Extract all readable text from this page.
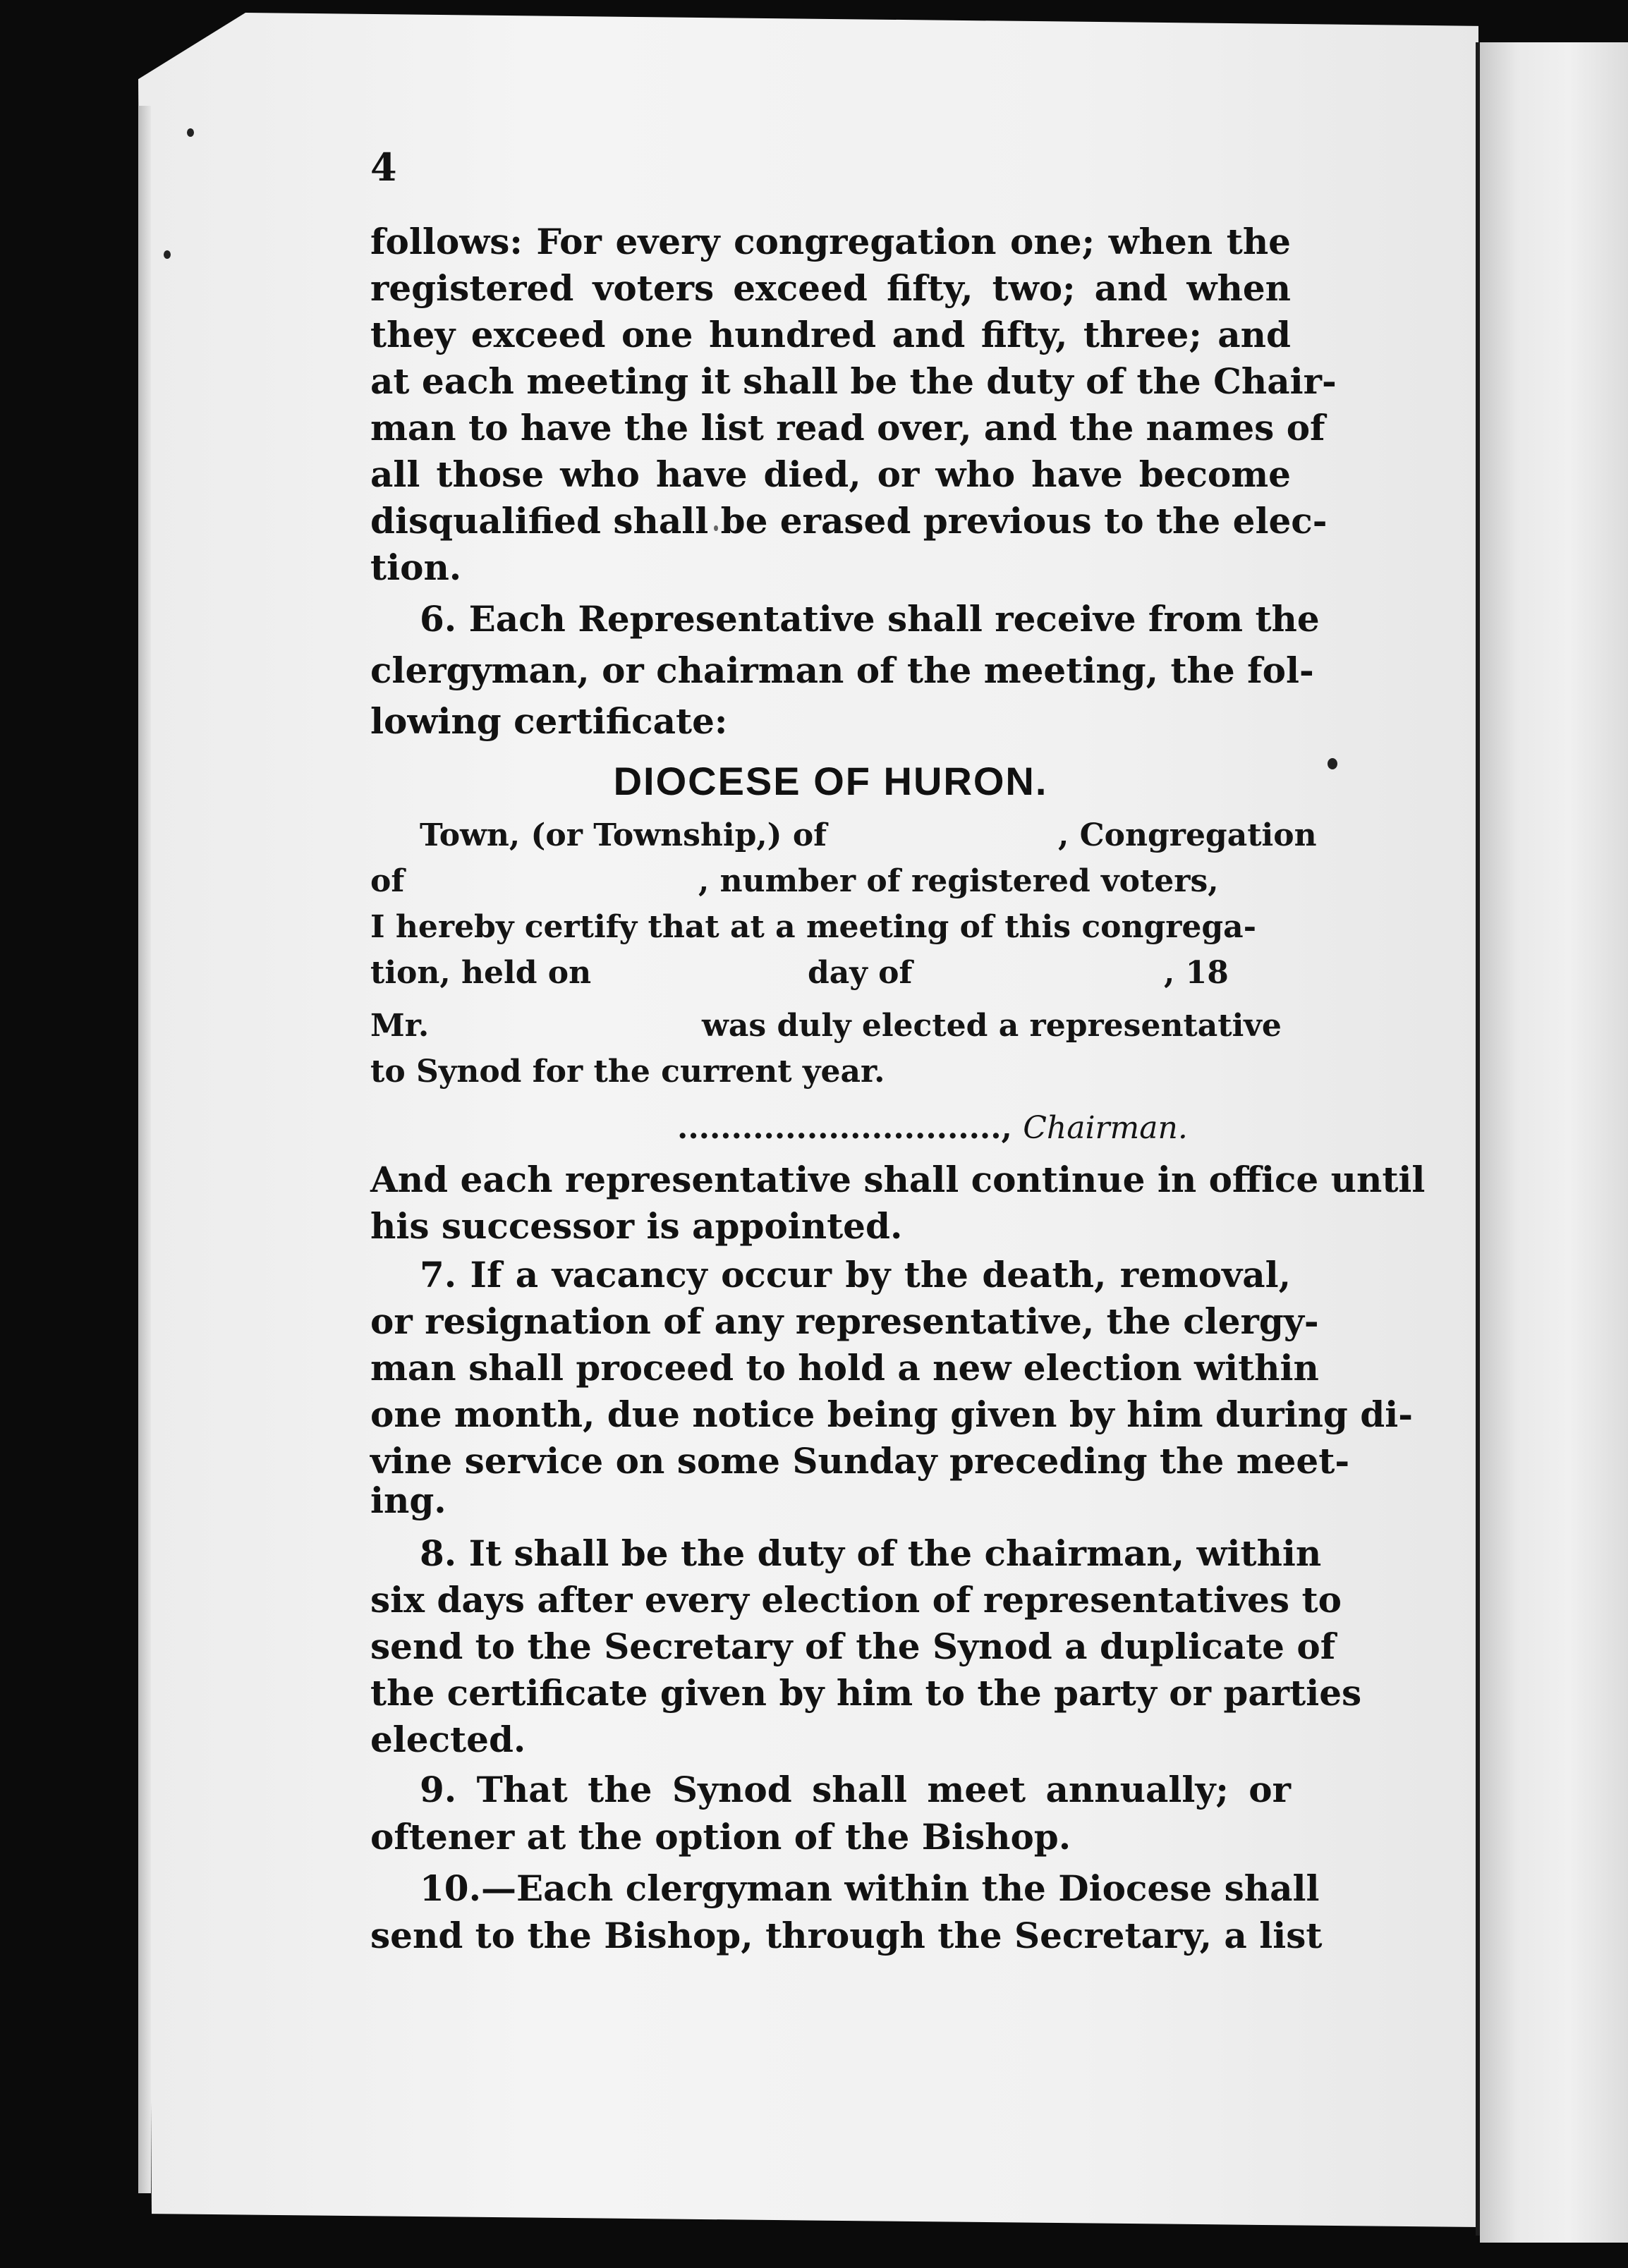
4
follows: For every congregation one; when the
registered voters exceed fifty, two; and when
they exceed one hundred and fifty, three; and
at each meeting it shall be the duty of the Chair-
man to have the list read over, and the names of
all those who have died, or who have become
disqualified shall be erased previous to the elec-
tion.
6. Each Representative shall receive from the
clergyman, or chairman of the meeting, the fol-
lowing certificate:
DIOCESE OF HURON.
Town, (or Township,) of	, Congregation
of	, number of registered voters,
I hereby certify that at a meeting of this congrega-
tion, held on	day of	, 18
Mr.	was duly elected a representative
to Synod for the current year.
.............................., Chairman.
And each representative shall continue in office until
his successor is appointed.
7. If a vacancy occur by the death, removal,
or resignation of any representative, the clergy-
man shall proceed to hold a new election within
one month, due notice being given by him during di-
vine service on some Sunday preceding the meet-
ing.
8. It shall be the duty of the chairman, within
six days after every election of representatives to
send to the Secretary of the Synod a duplicate of
the certificate given by him to the party or parties
elected.
9. That the Synod shall meet annually; or
oftener at the option of the Bishop.
10.—Each clergyman within the Diocese shall
send to the Bishop, through the Secretary, a list
